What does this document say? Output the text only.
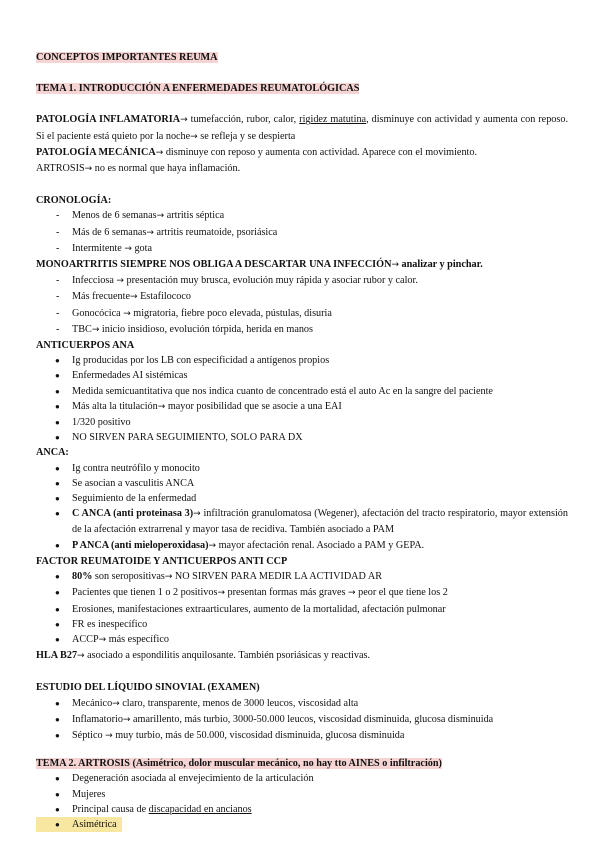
CONCEPTOS IMPORTANTES REUMA
TEMA 1. INTRODUCCIÓN A ENFERMEDADES REUMATOLÓGICAS
PATOLOGÍA INFLAMATORIA→ tumefacción, rubor, calor, rigidez matutina, disminuye con actividad y aumenta con reposo. Si el paciente está quieto por la noche→ se refleja y se despierta
PATOLOGÍA MECÁNICA→ disminuye con reposo y aumenta con actividad. Aparece con el movimiento.
ARTROSIS→ no es normal que haya inflamación.
CRONOLOGÍA:
- Menos de 6 semanas→ artritis séptica
- Más de 6 semanas→ artritis reumatoide, psoriásica
- Intermitente → gota
MONOARTRITIS SIEMPRE NOS OBLIGA A DESCARTAR UNA INFECCIÓN→ analizar y pinchar.
- Infecciosa → presentación muy brusca, evolución muy rápida y asociar rubor y calor.
- Más frecuente→ Estafilococo
- Gonocócica → migratoria, fiebre poco elevada, pústulas, disuria
- TBC→ inicio insidioso, evolución tórpida, herida en manos
ANTICUERPOS ANA
● Ig producidas por los LB con especificidad a antígenos propios
● Enfermedades AI sistémicas
● Medida semicuantitativa que nos indica cuanto de concentrado está el auto Ac en la sangre del paciente
● Más alta la titulación→ mayor posibilidad que se asocie a una EAI
● 1/320 positivo
● NO SIRVEN PARA SEGUIMIENTO, SOLO PARA DX
ANCA:
● Ig contra neutrófilo y monocito
● Se asocian a vasculitis ANCA
● Seguimiento de la enfermedad
● C ANCA (anti proteinasa 3)→ infiltración granulomatosa (Wegener), afectación del tracto respiratorio, mayor extensión de la afectación extrarrenal y mayor tasa de recidiva. También asociado a PAM
● P ANCA (anti mieloperoxidasa)→ mayor afectación renal. Asociado a PAM y GEPA.
FACTOR REUMATOIDE Y ANTICUERPOS ANTI CCP
● 80% son seropositivas→ NO SIRVEN PARA MEDIR LA ACTIVIDAD AR
● Pacientes que tienen 1 o 2 positivos→ presentan formas más graves → peor el que tiene los 2
● Erosiones, manifestaciones extraarticulares, aumento de la mortalidad, afectación pulmonar
● FR es inespecífico
● ACCP→ más específico
HLA B27→ asociado a espondilitis anquilosante. También psoriásicas y reactivas.
ESTUDIO DEL LÍQUIDO SINOVIAL (EXAMEN)
● Mecánico→ claro, transparente, menos de 3000 leucos, viscosidad alta
● Inflamatorio→ amarillento, más turbio, 3000-50.000 leucos, viscosidad disminuida, glucosa disminuida
● Séptico → muy turbio, más de 50.000, viscosidad disminuida, glucosa disminuida
TEMA 2. ARTROSIS (Asimétrico, dolor muscular mecánico, no hay tto AINES o infiltración)
● Degeneración asociada al envejecimiento de la articulación
● Mujeres
● Principal causa de discapacidad en ancianos
● Asimétrica
